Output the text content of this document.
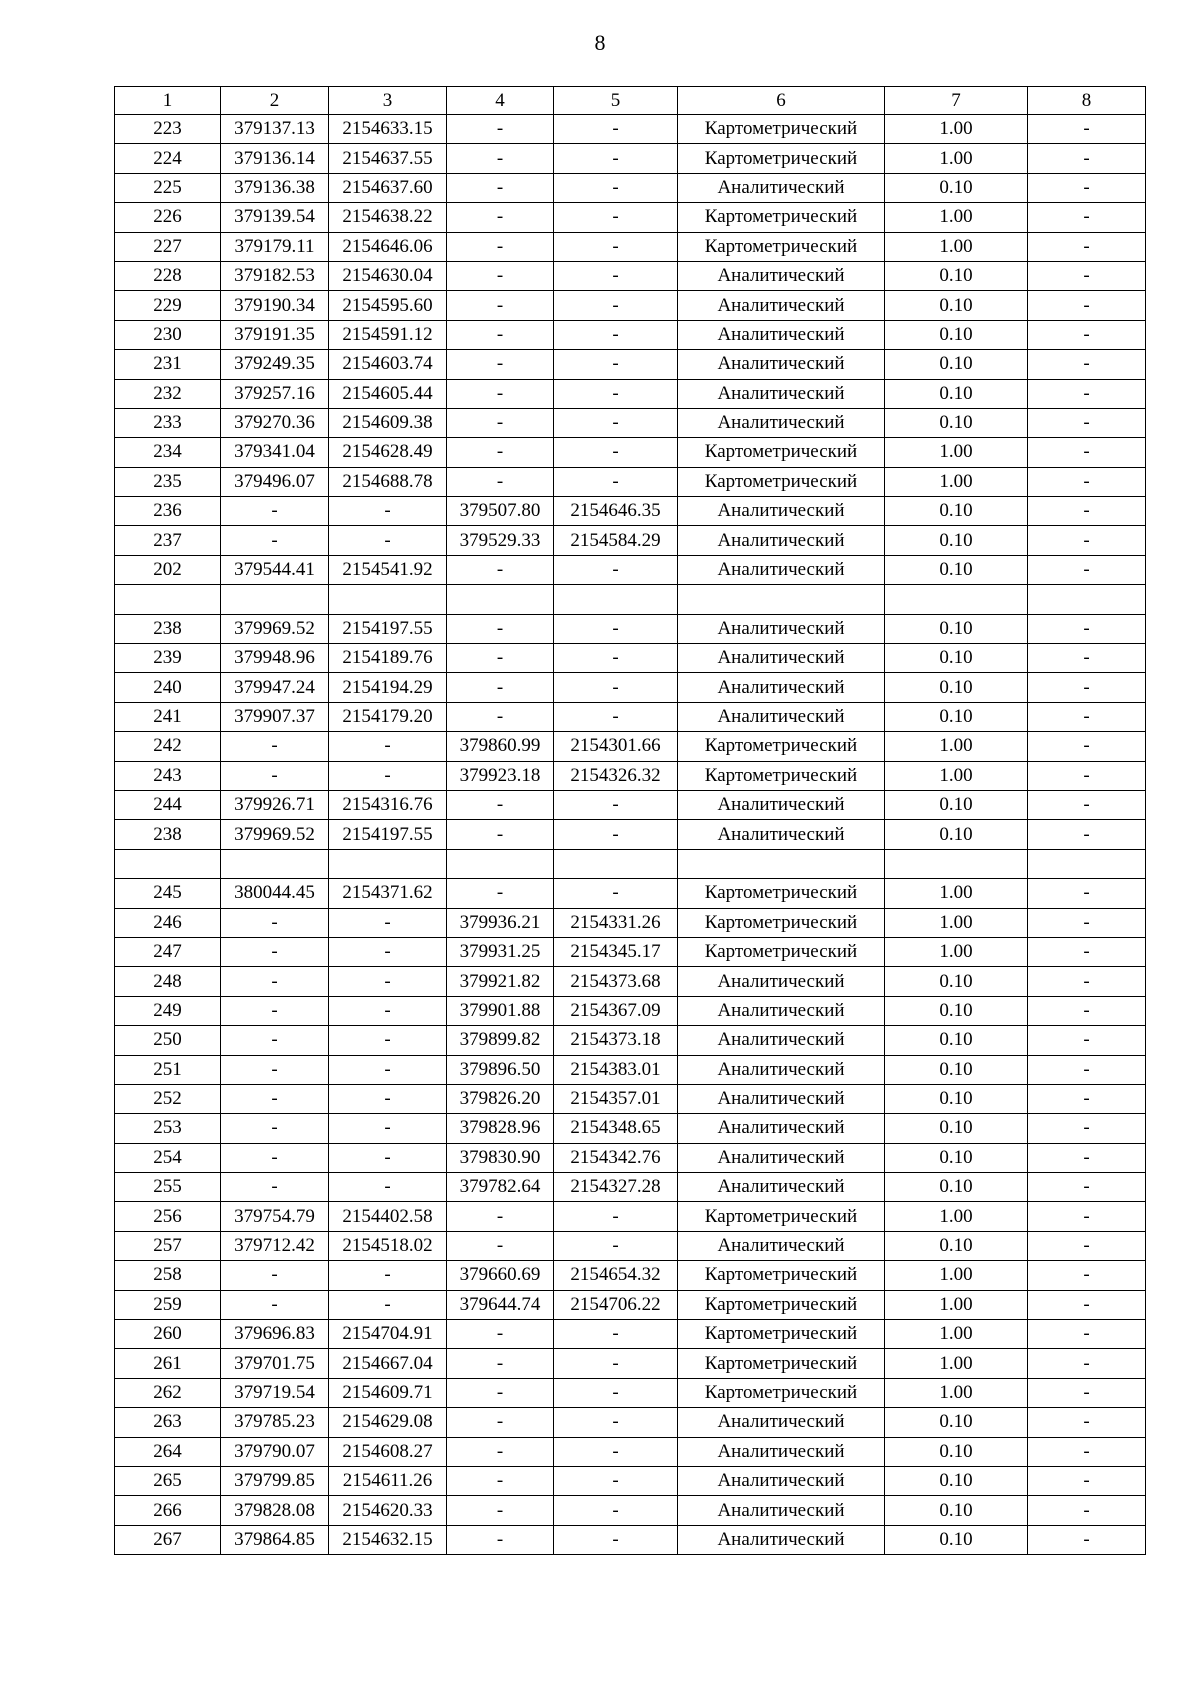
8
1	2	3	4	5	6	7	8
223	379137.13	2154633.15	-	-	Картометрический	1.00	-
224	379136.14	2154637.55	-	-	Картометрический	1.00	-
225	379136.38	2154637.60	-	-	Аналитический	0.10	-
226	379139.54	2154638.22	-	-	Картометрический	1.00	-
227	379179.11	2154646.06	-	-	Картометрический	1.00	-
228	379182.53	2154630.04	-	-	Аналитический	0.10	-
229	379190.34	2154595.60	-	-	Аналитический	0.10	-
230	379191.35	2154591.12	-	-	Аналитический	0.10	-
231	379249.35	2154603.74	-	-	Аналитический	0.10	-
232	379257.16	2154605.44	-	-	Аналитический	0.10	-
233	379270.36	2154609.38	-	-	Аналитический	0.10	-
234	379341.04	2154628.49	-	-	Картометрический	1.00	-
235	379496.07	2154688.78	-	-	Картометрический	1.00	-
236	-	-	379507.80	2154646.35	Аналитический	0.10	-
237	-	-	379529.33	2154584.29	Аналитический	0.10	-
202	379544.41	2154541.92	-	-	Аналитический	0.10	-

238	379969.52	2154197.55	-	-	Аналитический	0.10	-
239	379948.96	2154189.76	-	-	Аналитический	0.10	-
240	379947.24	2154194.29	-	-	Аналитический	0.10	-
241	379907.37	2154179.20	-	-	Аналитический	0.10	-
242	-	-	379860.99	2154301.66	Картометрический	1.00	-
243	-	-	379923.18	2154326.32	Картометрический	1.00	-
244	379926.71	2154316.76	-	-	Аналитический	0.10	-
238	379969.52	2154197.55	-	-	Аналитический	0.10	-

245	380044.45	2154371.62	-	-	Картометрический	1.00	-
246	-	-	379936.21	2154331.26	Картометрический	1.00	-
247	-	-	379931.25	2154345.17	Картометрический	1.00	-
248	-	-	379921.82	2154373.68	Аналитический	0.10	-
249	-	-	379901.88	2154367.09	Аналитический	0.10	-
250	-	-	379899.82	2154373.18	Аналитический	0.10	-
251	-	-	379896.50	2154383.01	Аналитический	0.10	-
252	-	-	379826.20	2154357.01	Аналитический	0.10	-
253	-	-	379828.96	2154348.65	Аналитический	0.10	-
254	-	-	379830.90	2154342.76	Аналитический	0.10	-
255	-	-	379782.64	2154327.28	Аналитический	0.10	-
256	379754.79	2154402.58	-	-	Картометрический	1.00	-
257	379712.42	2154518.02	-	-	Аналитический	0.10	-
258	-	-	379660.69	2154654.32	Картометрический	1.00	-
259	-	-	379644.74	2154706.22	Картометрический	1.00	-
260	379696.83	2154704.91	-	-	Картометрический	1.00	-
261	379701.75	2154667.04	-	-	Картометрический	1.00	-
262	379719.54	2154609.71	-	-	Картометрический	1.00	-
263	379785.23	2154629.08	-	-	Аналитический	0.10	-
264	379790.07	2154608.27	-	-	Аналитический	0.10	-
265	379799.85	2154611.26	-	-	Аналитический	0.10	-
266	379828.08	2154620.33	-	-	Аналитический	0.10	-
267	379864.85	2154632.15	-	-	Аналитический	0.10	-
